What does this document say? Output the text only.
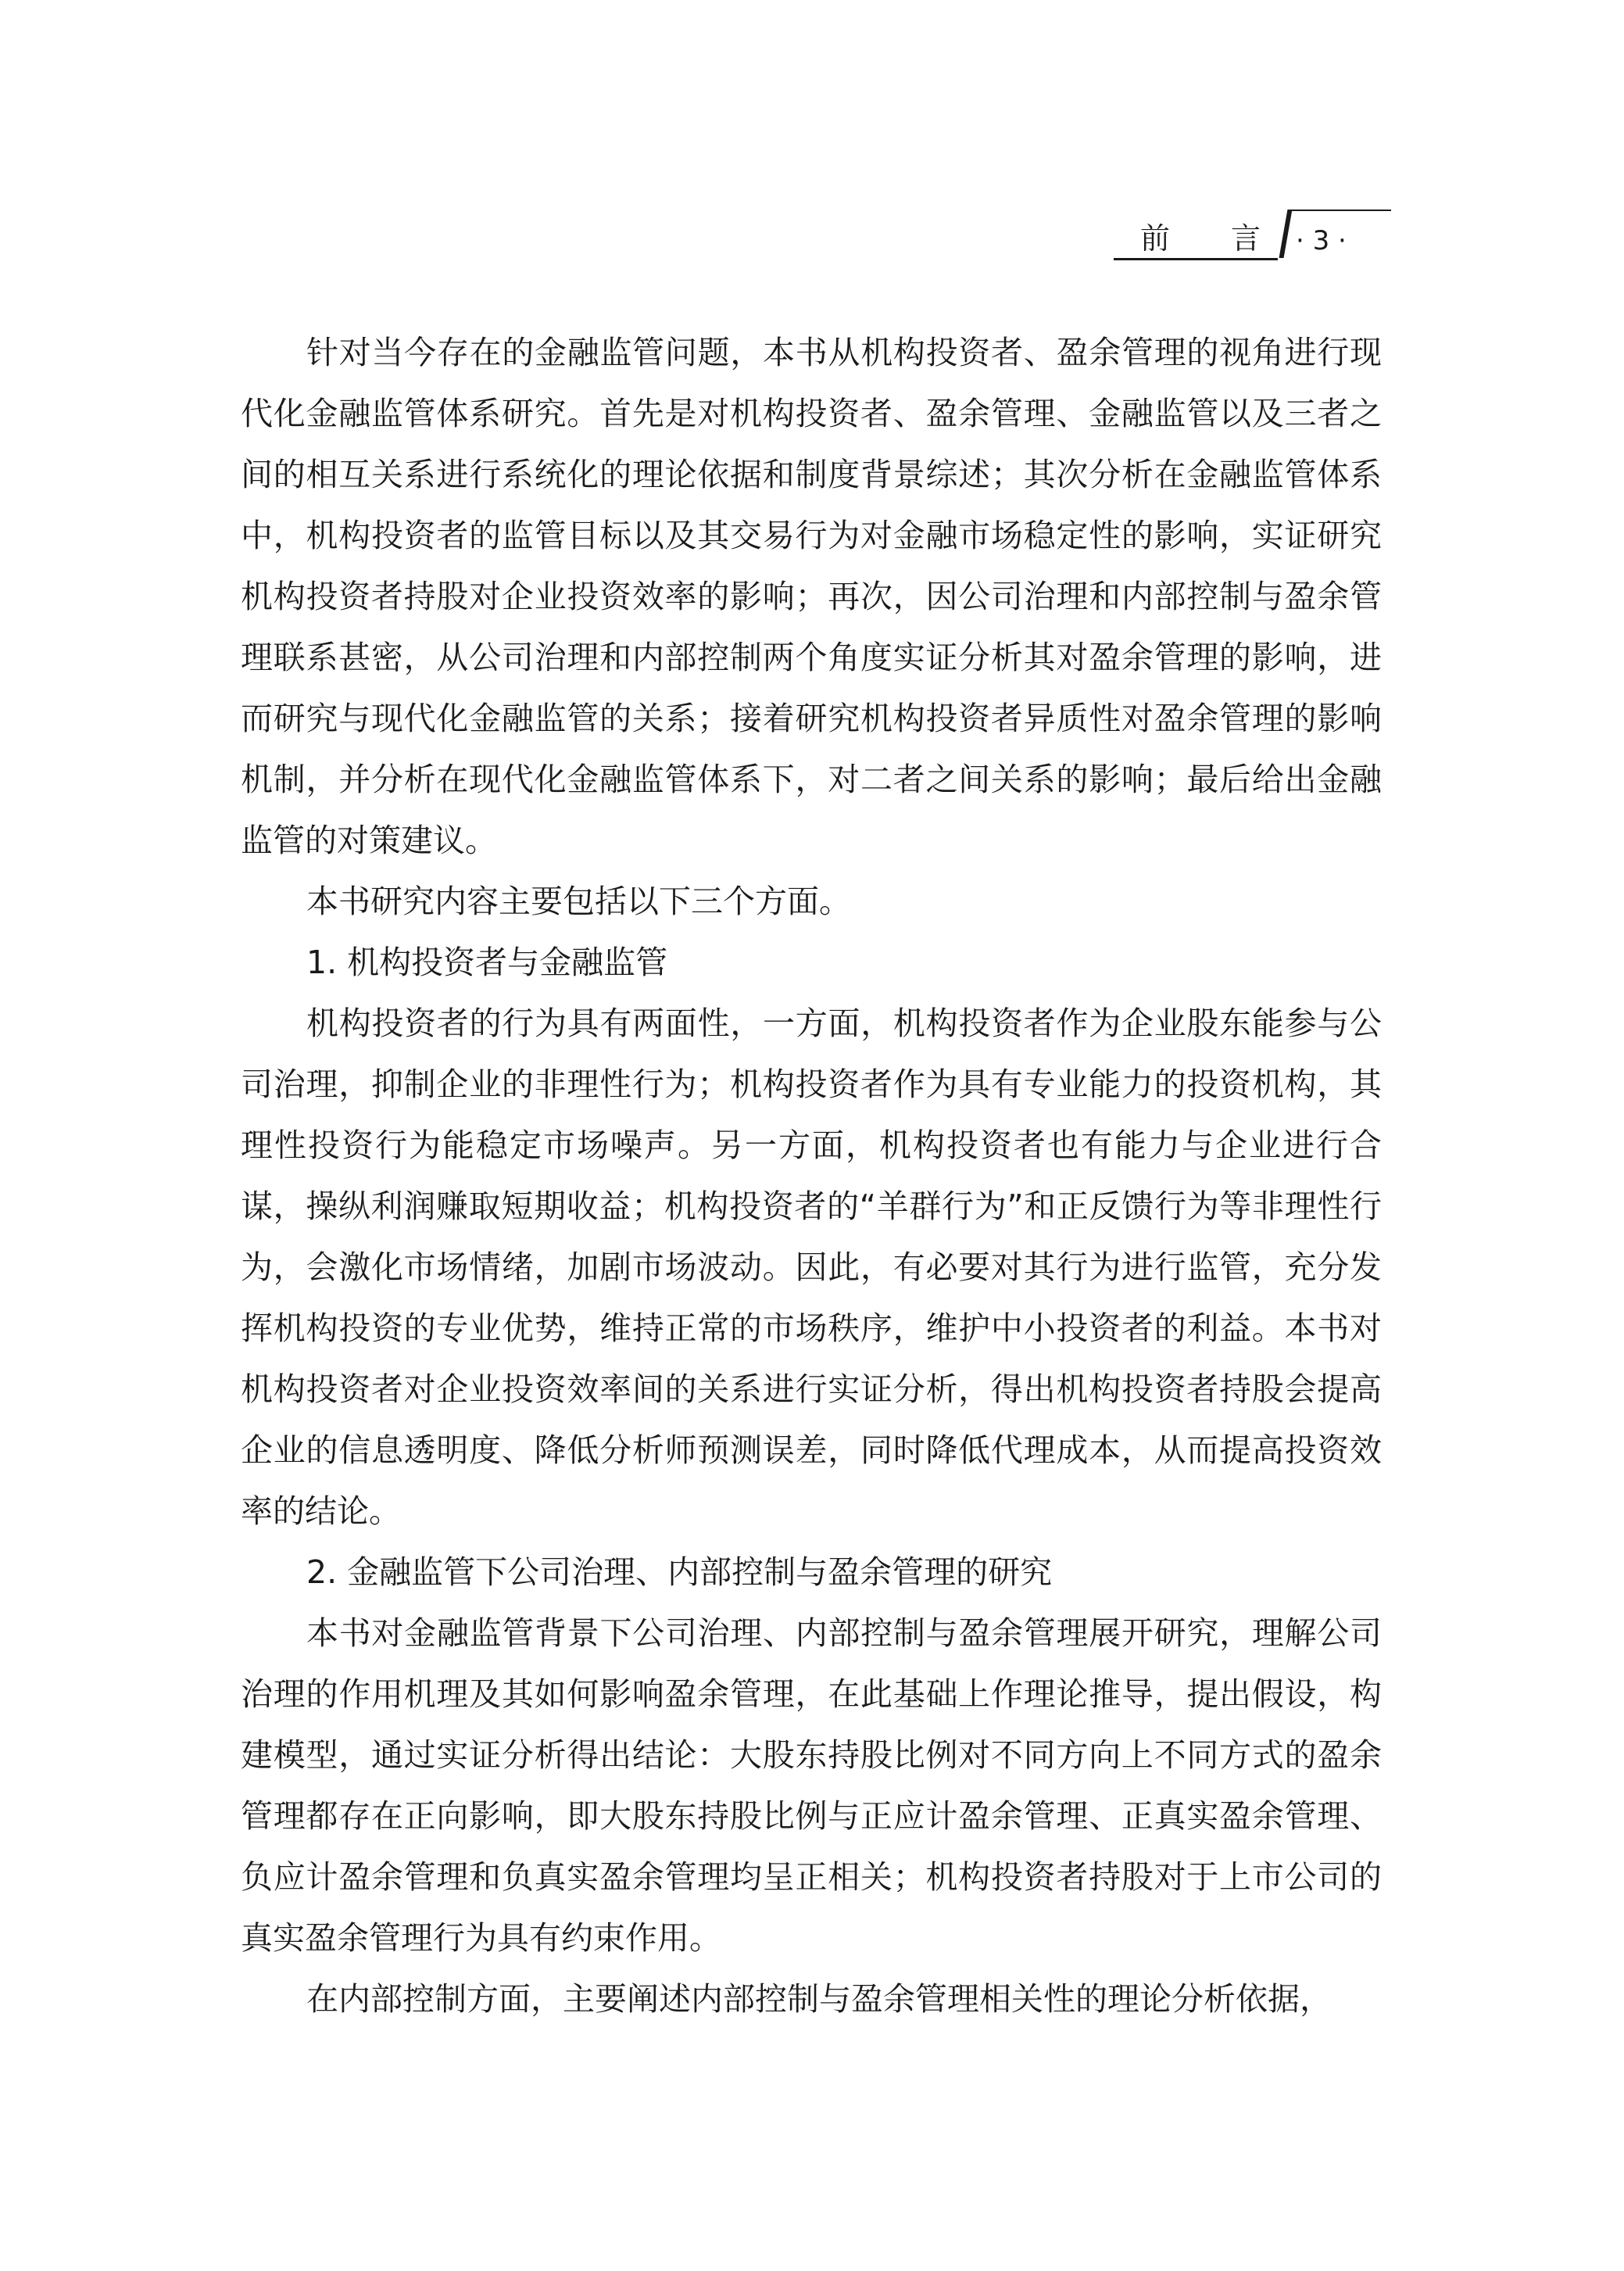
前 言 · 3 ·

针对当今存在的金融监管问题，本书从机构投资者、盈余管理的视角进行现代化金融监管体系研究。首先是对机构投资者、盈余管理、金融监管以及三者之间的相互关系进行系统化的理论依据和制度背景综述；其次分析在金融监管体系中，机构投资者的监管目标以及其交易行为对金融市场稳定性的影响，实证研究机构投资者持股对企业投资效率的影响；再次，因公司治理和内部控制与盈余管理联系甚密，从公司治理和内部控制两个角度实证分析其对盈余管理的影响，进而研究与现代化金融监管的关系；接着研究机构投资者异质性对盈余管理的影响机制，并分析在现代化金融监管体系下，对二者之间关系的影响；最后给出金融监管的对策建议。

本书研究内容主要包括以下三个方面。

1. 机构投资者与金融监管

机构投资者的行为具有两面性，一方面，机构投资者作为企业股东能参与公司治理，抑制企业的非理性行为；机构投资者作为具有专业能力的投资机构，其理性投资行为能稳定市场噪声。另一方面，机构投资者也有能力与企业进行合谋，操纵利润赚取短期收益；机构投资者的“羊群行为”和正反馈行为等非理性行为，会激化市场情绪，加剧市场波动。因此，有必要对其行为进行监管，充分发挥机构投资的专业优势，维持正常的市场秩序，维护中小投资者的利益。本书对机构投资者对企业投资效率间的关系进行实证分析，得出机构投资者持股会提高企业的信息透明度、降低分析师预测误差，同时降低代理成本，从而提高投资效率的结论。

2. 金融监管下公司治理、内部控制与盈余管理的研究

本书对金融监管背景下公司治理、内部控制与盈余管理展开研究，理解公司治理的作用机理及其如何影响盈余管理，在此基础上作理论推导，提出假设，构建模型，通过实证分析得出结论：大股东持股比例对不同方向上不同方式的盈余管理都存在正向影响，即大股东持股比例与正应计盈余管理、正真实盈余管理、负应计盈余管理和负真实盈余管理均呈正相关；机构投资者持股对于上市公司的真实盈余管理行为具有约束作用。

在内部控制方面，主要阐述内部控制与盈余管理相关性的理论分析依据，
